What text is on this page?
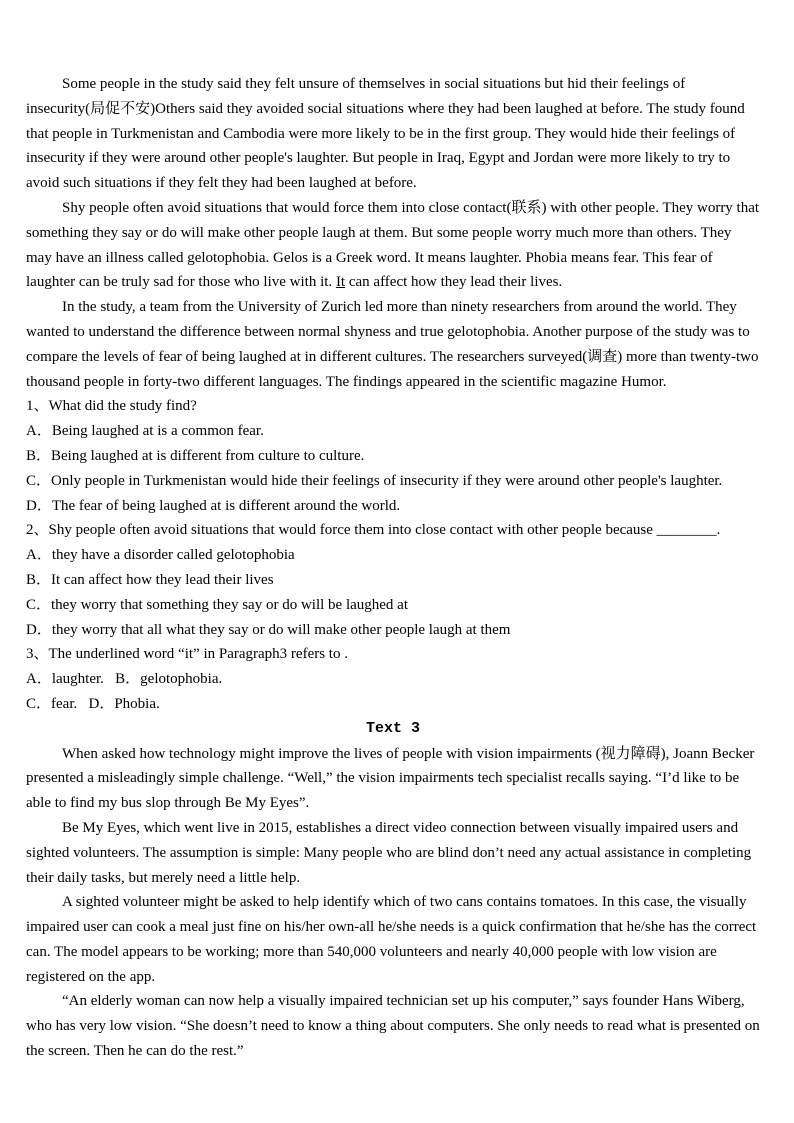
Some people in the study said they felt unsure of themselves in social situations but hid their feelings of insecurity(局促不安)Others said they avoided social situations where they had been laughed at before. The study found that people in Turkmenistan and Cambodia were more likely to be in the first group. They would hide their feelings of insecurity if they were around other people's laughter. But people in Iraq, Egypt and Jordan were more likely to try to avoid such situations if they felt they had been laughed at before.

Shy people often avoid situations that would force them into close contact(联系) with other people. They worry that something they say or do will make other people laugh at them. But some people worry much more than others. They may have an illness called gelotophobia. Gelos is a Greek word. It means laughter. Phobia means fear. This fear of laughter can be truly sad for those who live with it. It can affect how they lead their lives.

In the study, a team from the University of Zurich led more than ninety researchers from around the world. They wanted to understand the difference between normal shyness and true gelotophobia. Another purpose of the study was to compare the levels of fear of being laughed at in different cultures. The researchers surveyed(调查) more than twenty-two thousand people in forty-two different languages. The findings appeared in the scientific magazine Humor.

1、What did the study find?

A．Being laughed at is a common fear.

B．Being laughed at is different from culture to culture.

C．Only people in Turkmenistan would hide their feelings of insecurity if they were around other people's laughter.

D．The fear of being laughed at is different around the world.

2、Shy people often avoid situations that would force them into close contact with other people because ________.

A．they have a disorder called gelotophobia

B．It can affect how they lead their lives

C．they worry that something they say or do will be laughed at

D．they worry that all what they say or do will make other people laugh at them

3、The underlined word “it” in Paragraph3 refers to .

A．laughter.   B．gelotophobia.

C．fear.   D．Phobia.

Text 3

When asked how technology might improve the lives of people with vision impairments (视力障碍), Joann Becker presented a misleadingly simple challenge. “Well,” the vision impairments tech specialist recalls saying. “I’d like to be able to find my bus slop through Be My Eyes”.

Be My Eyes, which went live in 2015, establishes a direct video connection between visually impaired users and sighted volunteers. The assumption is simple: Many people who are blind don’t need any actual assistance in completing their daily tasks, but merely need a little help.

A sighted volunteer might be asked to help identify which of two cans contains tomatoes. In this case, the visually impaired user can cook a meal just fine on his/her own-all he/she needs is a quick confirmation that he/she has the correct can. The model appears to be working; more than 540,000 volunteers and nearly 40,000 people with low vision are registered on the app.

“An elderly woman can now help a visually impaired technician set up his computer,” says founder Hans Wiberg, who has very low vision. “She doesn’t need to know a thing about computers. She only needs to read what is presented on the screen. Then he can do the rest.”
